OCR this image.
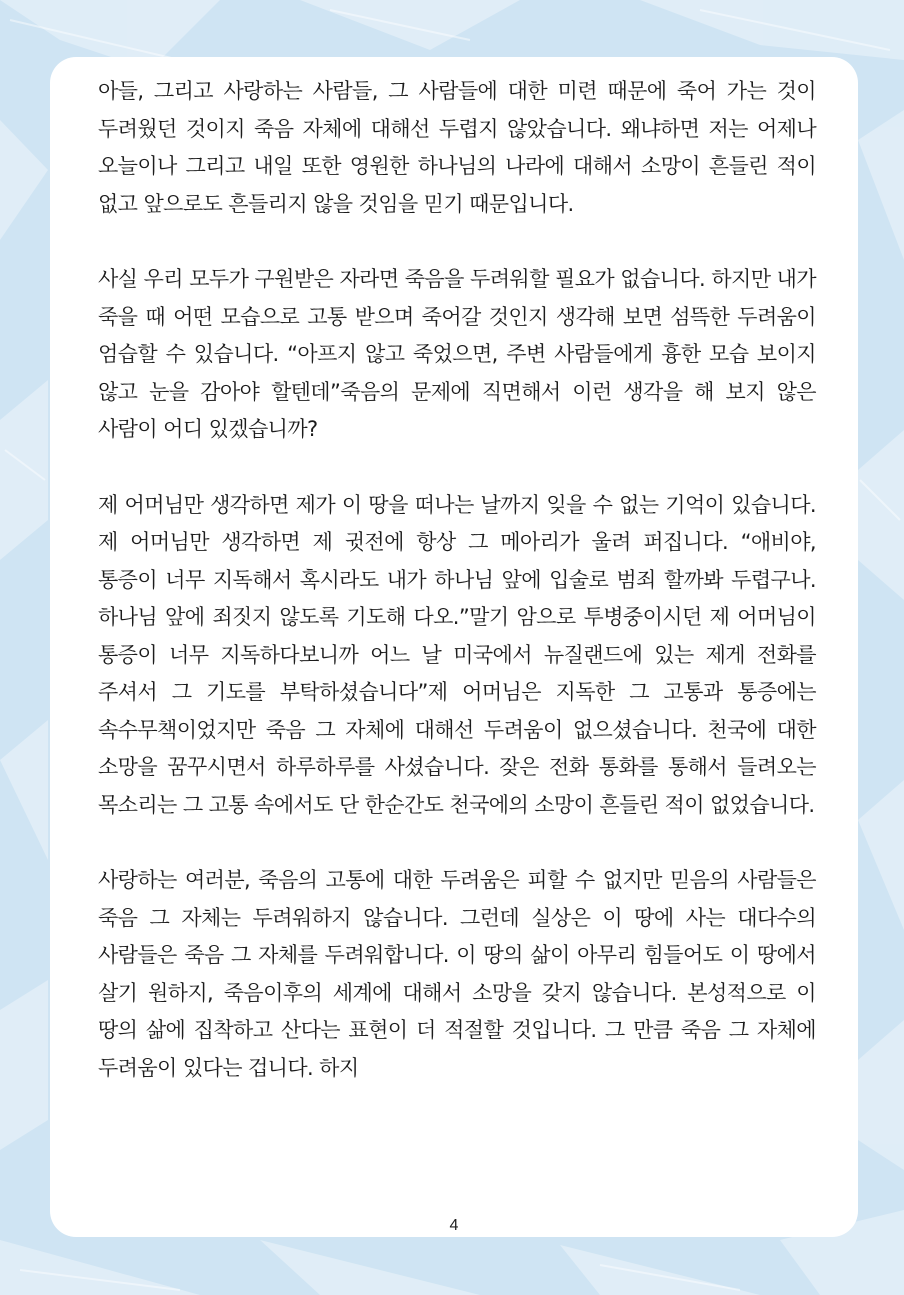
아들, 그리고 사랑하는 사람들, 그 사람들에 대한 미련 때문에 죽어 가는 것이 두려웠던 것이지 죽음 자체에 대해선 두렵지 않았습니다. 왜냐하면 저는 어제나 오늘이나 그리고 내일 또한 영원한 하나님의 나라에 대해서 소망이 흔들린 적이 없고 앞으로도 흔들리지 않을 것임을 믿기 때문입니다.

사실 우리 모두가 구원받은 자라면 죽음을 두려워할 필요가 없습니다. 하지만 내가 죽을 때 어떤 모습으로 고통 받으며 죽어갈 것인지 생각해 보면 섬뜩한 두려움이 엄습할 수 있습니다. “아프지 않고 죽었으면, 주변 사람들에게 흉한 모습 보이지 않고 눈을 감아야 할텐데”죽음의 문제에 직면해서 이런 생각을 해 보지 않은 사람이 어디 있겠습니까?

제 어머님만 생각하면 제가 이 땅을 떠나는 날까지 잊을 수 없는 기억이 있습니다. 제 어머님만 생각하면 제 귓전에 항상 그 메아리가 울려 퍼집니다. “애비야, 통증이 너무 지독해서 혹시라도 내가 하나님 앞에 입술로 범죄 할까봐 두렵구나. 하나님 앞에 죄짓지 않도록 기도해 다오.”말기 암으로 투병중이시던 제 어머님이 통증이 너무 지독하다보니까 어느 날 미국에서 뉴질랜드에 있는 제게 전화를 주셔서 그 기도를 부탁하셨습니다”제 어머님은 지독한 그 고통과 통증에는 속수무책이었지만 죽음 그 자체에 대해선 두려움이 없으셨습니다. 천국에 대한 소망을 꿈꾸시면서 하루하루를 사셨습니다. 잦은 전화 통화를 통해서 들려오는 목소리는 그 고통 속에서도 단 한순간도 천국에의 소망이 흔들린 적이 없었습니다.

사랑하는 여러분, 죽음의 고통에 대한 두려움은 피할 수 없지만 믿음의 사람들은 죽음 그 자체는 두려워하지 않습니다. 그런데 실상은 이 땅에 사는 대다수의 사람들은 죽음 그 자체를 두려워합니다. 이 땅의 삶이 아무리 힘들어도 이 땅에서 살기 원하지, 죽음이후의 세계에 대해서 소망을 갖지 않습니다. 본성적으로 이 땅의 삶에 집착하고 산다는 표현이 더 적절할 것입니다. 그 만큼 죽음 그 자체에 두려움이 있다는 겁니다. 하지

4
